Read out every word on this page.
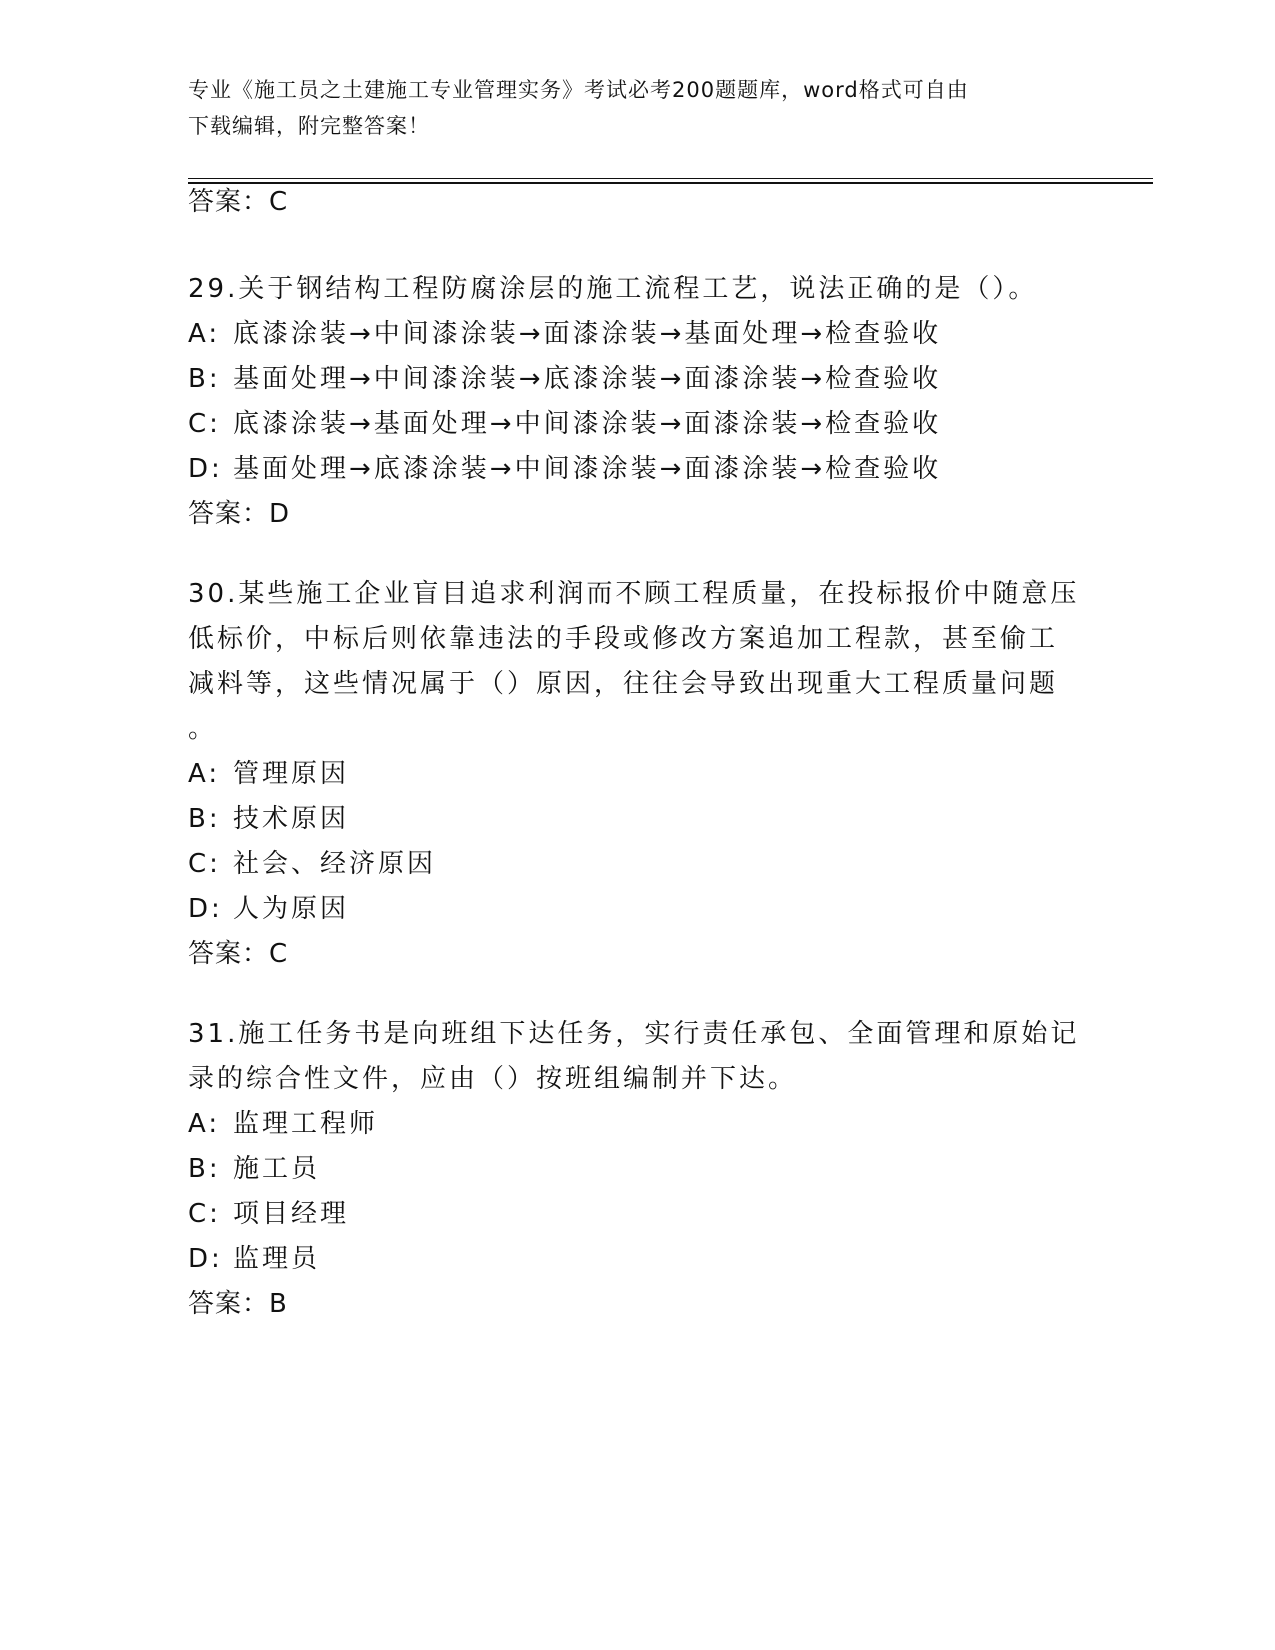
专业《施工员之土建施工专业管理实务》考试必考200题题库，word格式可自由
下载编辑，附完整答案！
答案：C
29.关于钢结构工程防腐涂层的施工流程工艺，说法正确的是（）。
A: 底漆涂装→中间漆涂装→面漆涂装→基面处理→检查验收
B: 基面处理→中间漆涂装→底漆涂装→面漆涂装→检查验收
C: 底漆涂装→基面处理→中间漆涂装→面漆涂装→检查验收
D: 基面处理→底漆涂装→中间漆涂装→面漆涂装→检查验收
答案：D
30.某些施工企业盲目追求利润而不顾工程质量，在投标报价中随意压
低标价，中标后则依靠违法的手段或修改方案追加工程款，甚至偷工
减料等，这些情况属于（）原因，往往会导致出现重大工程质量问题
。
A: 管理原因
B: 技术原因
C: 社会、经济原因
D: 人为原因
答案：C
31.施工任务书是向班组下达任务，实行责任承包、全面管理和原始记
录的综合性文件，应由（）按班组编制并下达。
A: 监理工程师
B: 施工员
C: 项目经理
D: 监理员
答案：B
